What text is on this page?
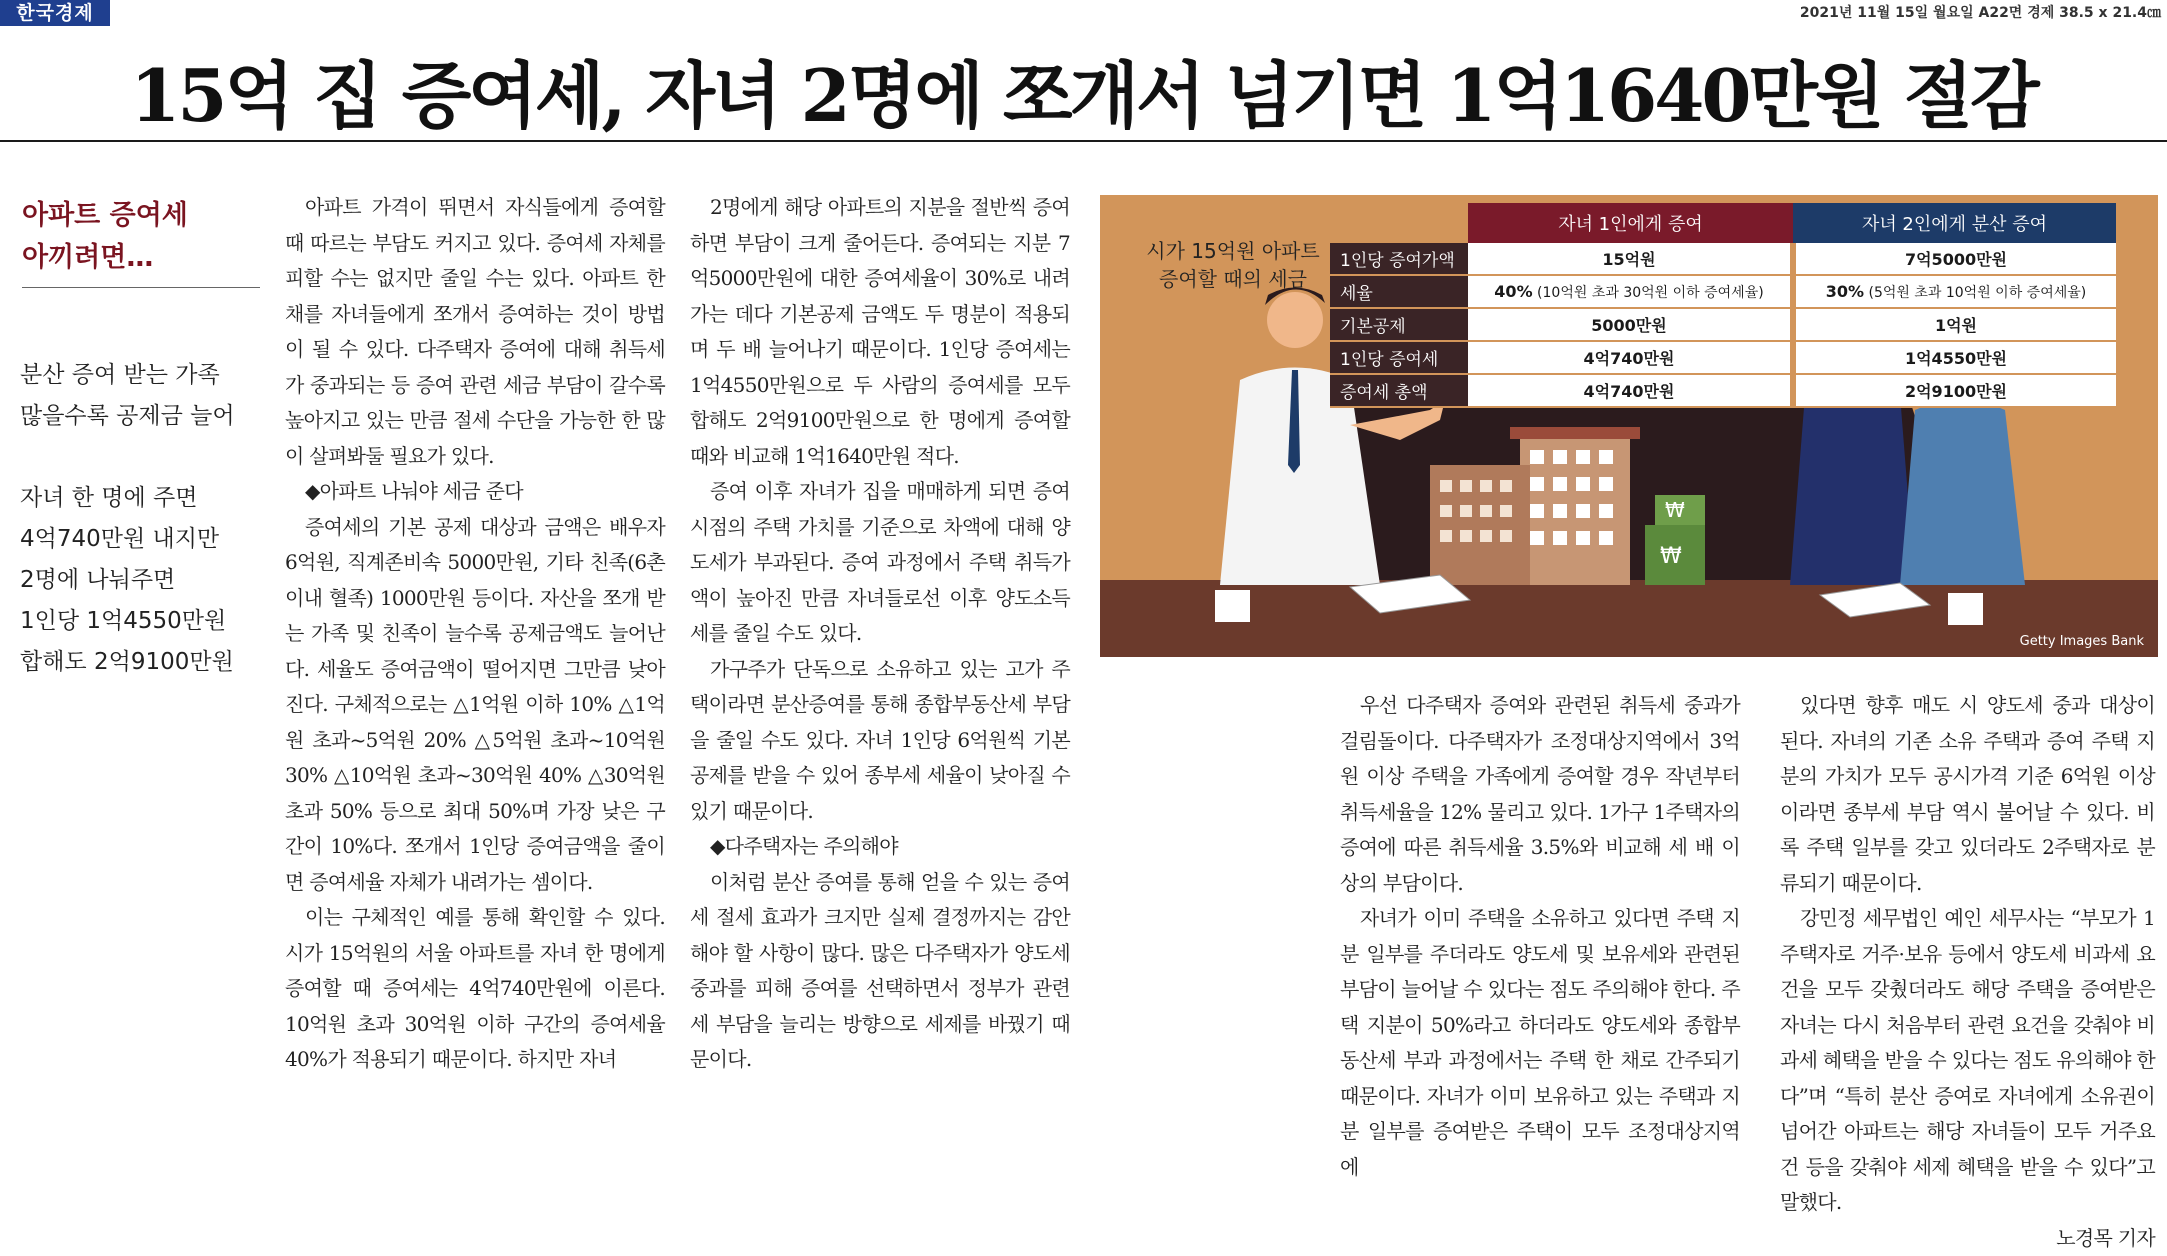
한국경제	2021년 11월 15일 월요일 A22면 경제 38.5 x 21.4㎝
15억 집 증여세, 자녀 2명에 쪼개서 넘기면 1억1640만원 절감
아파트 증여세
아끼려면…
분산 증여 받는 가족
많을수록 공제금 늘어

자녀 한 명에 주면
4억740만원 내지만
2명에 나눠주면
1인당 1억4550만원
합해도 2억9100만원

아파트 가격이 뛰면서 자식들에게 증여할 때 따르는 부담도 커지고 있다. 증여세 자체를 피할 수는 없지만 줄일 수는 있다. 아파트 한 채를 자녀들에게 쪼개서 증여하는 것이 방법이 될 수 있다. 다주택자 증여에 대해 취득세가 중과되는 등 증여 관련 세금 부담이 갈수록 높아지고 있는 만큼 절세 수단을 가능한 한 많이 살펴봐둘 필요가 있다.

◆아파트 나눠야 세금 준다

증여세의 기본 공제 대상과 금액은 배우자 6억원, 직계존비속 5000만원, 기타 친족(6촌 이내 혈족) 1000만원 등이다. 자산을 쪼개 받는 가족 및 친족이 늘수록 공제금액도 늘어난다. 세율도 증여금액이 떨어지면 그만큼 낮아진다. 구체적으로는 △1억원 이하 10% △1억원 초과~5억원 20% △5억원 초과~10억원 30% △10억원 초과~30억원 40% △30억원 초과 50% 등으로 최대 50%며 가장 낮은 구간이 10%다. 쪼개서 1인당 증여금액을 줄이면 증여세율 자체가 내려가는 셈이다.

이는 구체적인 예를 통해 확인할 수 있다. 시가 15억원의 서울 아파트를 자녀 한 명에게 증여할 때 증여세는 4억740만원에 이른다. 10억원 초과 30억원 이하 구간의 증여세율 40%가 적용되기 때문이다. 하지만 자녀

2명에게 해당 아파트의 지분을 절반씩 증여하면 부담이 크게 줄어든다. 증여되는 지분 7억5000만원에 대한 증여세율이 30%로 내려가는 데다 기본공제 금액도 두 명분이 적용되며 두 배 늘어나기 때문이다. 1인당 증여세는 1억4550만원으로 두 사람의 증여세를 모두 합해도 2억9100만원으로 한 명에게 증여할 때와 비교해 1억1640만원 적다.

증여 이후 자녀가 집을 매매하게 되면 증여 시점의 주택 가치를 기준으로 차액에 대해 양도세가 부과된다. 증여 과정에서 주택 취득가액이 높아진 만큼 자녀들로선 이후 양도소득세를 줄일 수도 있다.

가구주가 단독으로 소유하고 있는 고가 주택이라면 분산증여를 통해 종합부동산세 부담을 줄일 수도 있다. 자녀 1인당 6억원씩 기본공제를 받을 수 있어 종부세 세율이 낮아질 수 있기 때문이다.

◆다주택자는 주의해야

이처럼 분산 증여를 통해 얻을 수 있는 증여세 절세 효과가 크지만 실제 결정까지는 감안해야 할 사항이 많다. 많은 다주택자가 양도세 중과를 피해 증여를 선택하면서 정부가 관련 세 부담을 늘리는 방향으로 세제를 바꿨기 때문이다.

우선 다주택자 증여와 관련된 취득세 중과가 걸림돌이다. 다주택자가 조정대상지역에서 3억원 이상 주택을 가족에게 증여할 경우 작년부터 취득세율을 12% 물리고 있다. 1가구 1주택자의 증여에 따른 취득세율 3.5%와 비교해 세 배 이상의 부담이다.

자녀가 이미 주택을 소유하고 있다면 주택 지분 일부를 주더라도 양도세 및 보유세와 관련된 부담이 늘어날 수 있다는 점도 주의해야 한다. 주택 지분이 50%라고 하더라도 양도세와 종합부동산세 부과 과정에서는 주택 한 채로 간주되기 때문이다. 자녀가 이미 보유하고 있는 주택과 지분 일부를 증여받은 주택이 모두 조정대상지역에

있다면 향후 매도 시 양도세 중과 대상이 된다. 자녀의 기존 소유 주택과 증여 주택 지분의 가치가 모두 공시가격 기준 6억원 이상이라면 종부세 부담 역시 불어날 수 있다. 비록 주택 일부를 갖고 있더라도 2주택자로 분류되기 때문이다.

강민정 세무법인 예인 세무사는 “부모가 1주택자로 거주·보유 등에서 양도세 비과세 요건을 모두 갖췄더라도 해당 주택을 증여받은 자녀는 다시 처음부터 관련 요건을 갖춰야 비과세 혜택을 받을 수 있다는 점도 유의해야 한다”며 “특히 분산 증여로 자녀에게 소유권이 넘어간 아파트는 해당 자녀들이 모두 거주요건 등을 갖춰야 세제 혜택을 받을 수 있다”고 말했다.
노경목 기자

₩
₩
시가 15억원 아파트
증여할 때의 세금
	자녀 1인에게 증여	자녀 2인에게 분산 증여
1인당 증여가액	15억원	7억5000만원
세율	40% (10억원 초과 30억원 이하 증여세율)	30% (5억원 초과 10억원 이하 증여세율)
기본공제	5000만원	1억원
1인당 증여세	4억740만원	1억4550만원
증여세 총액	4억740만원	2억9100만원
Getty Images Bank
